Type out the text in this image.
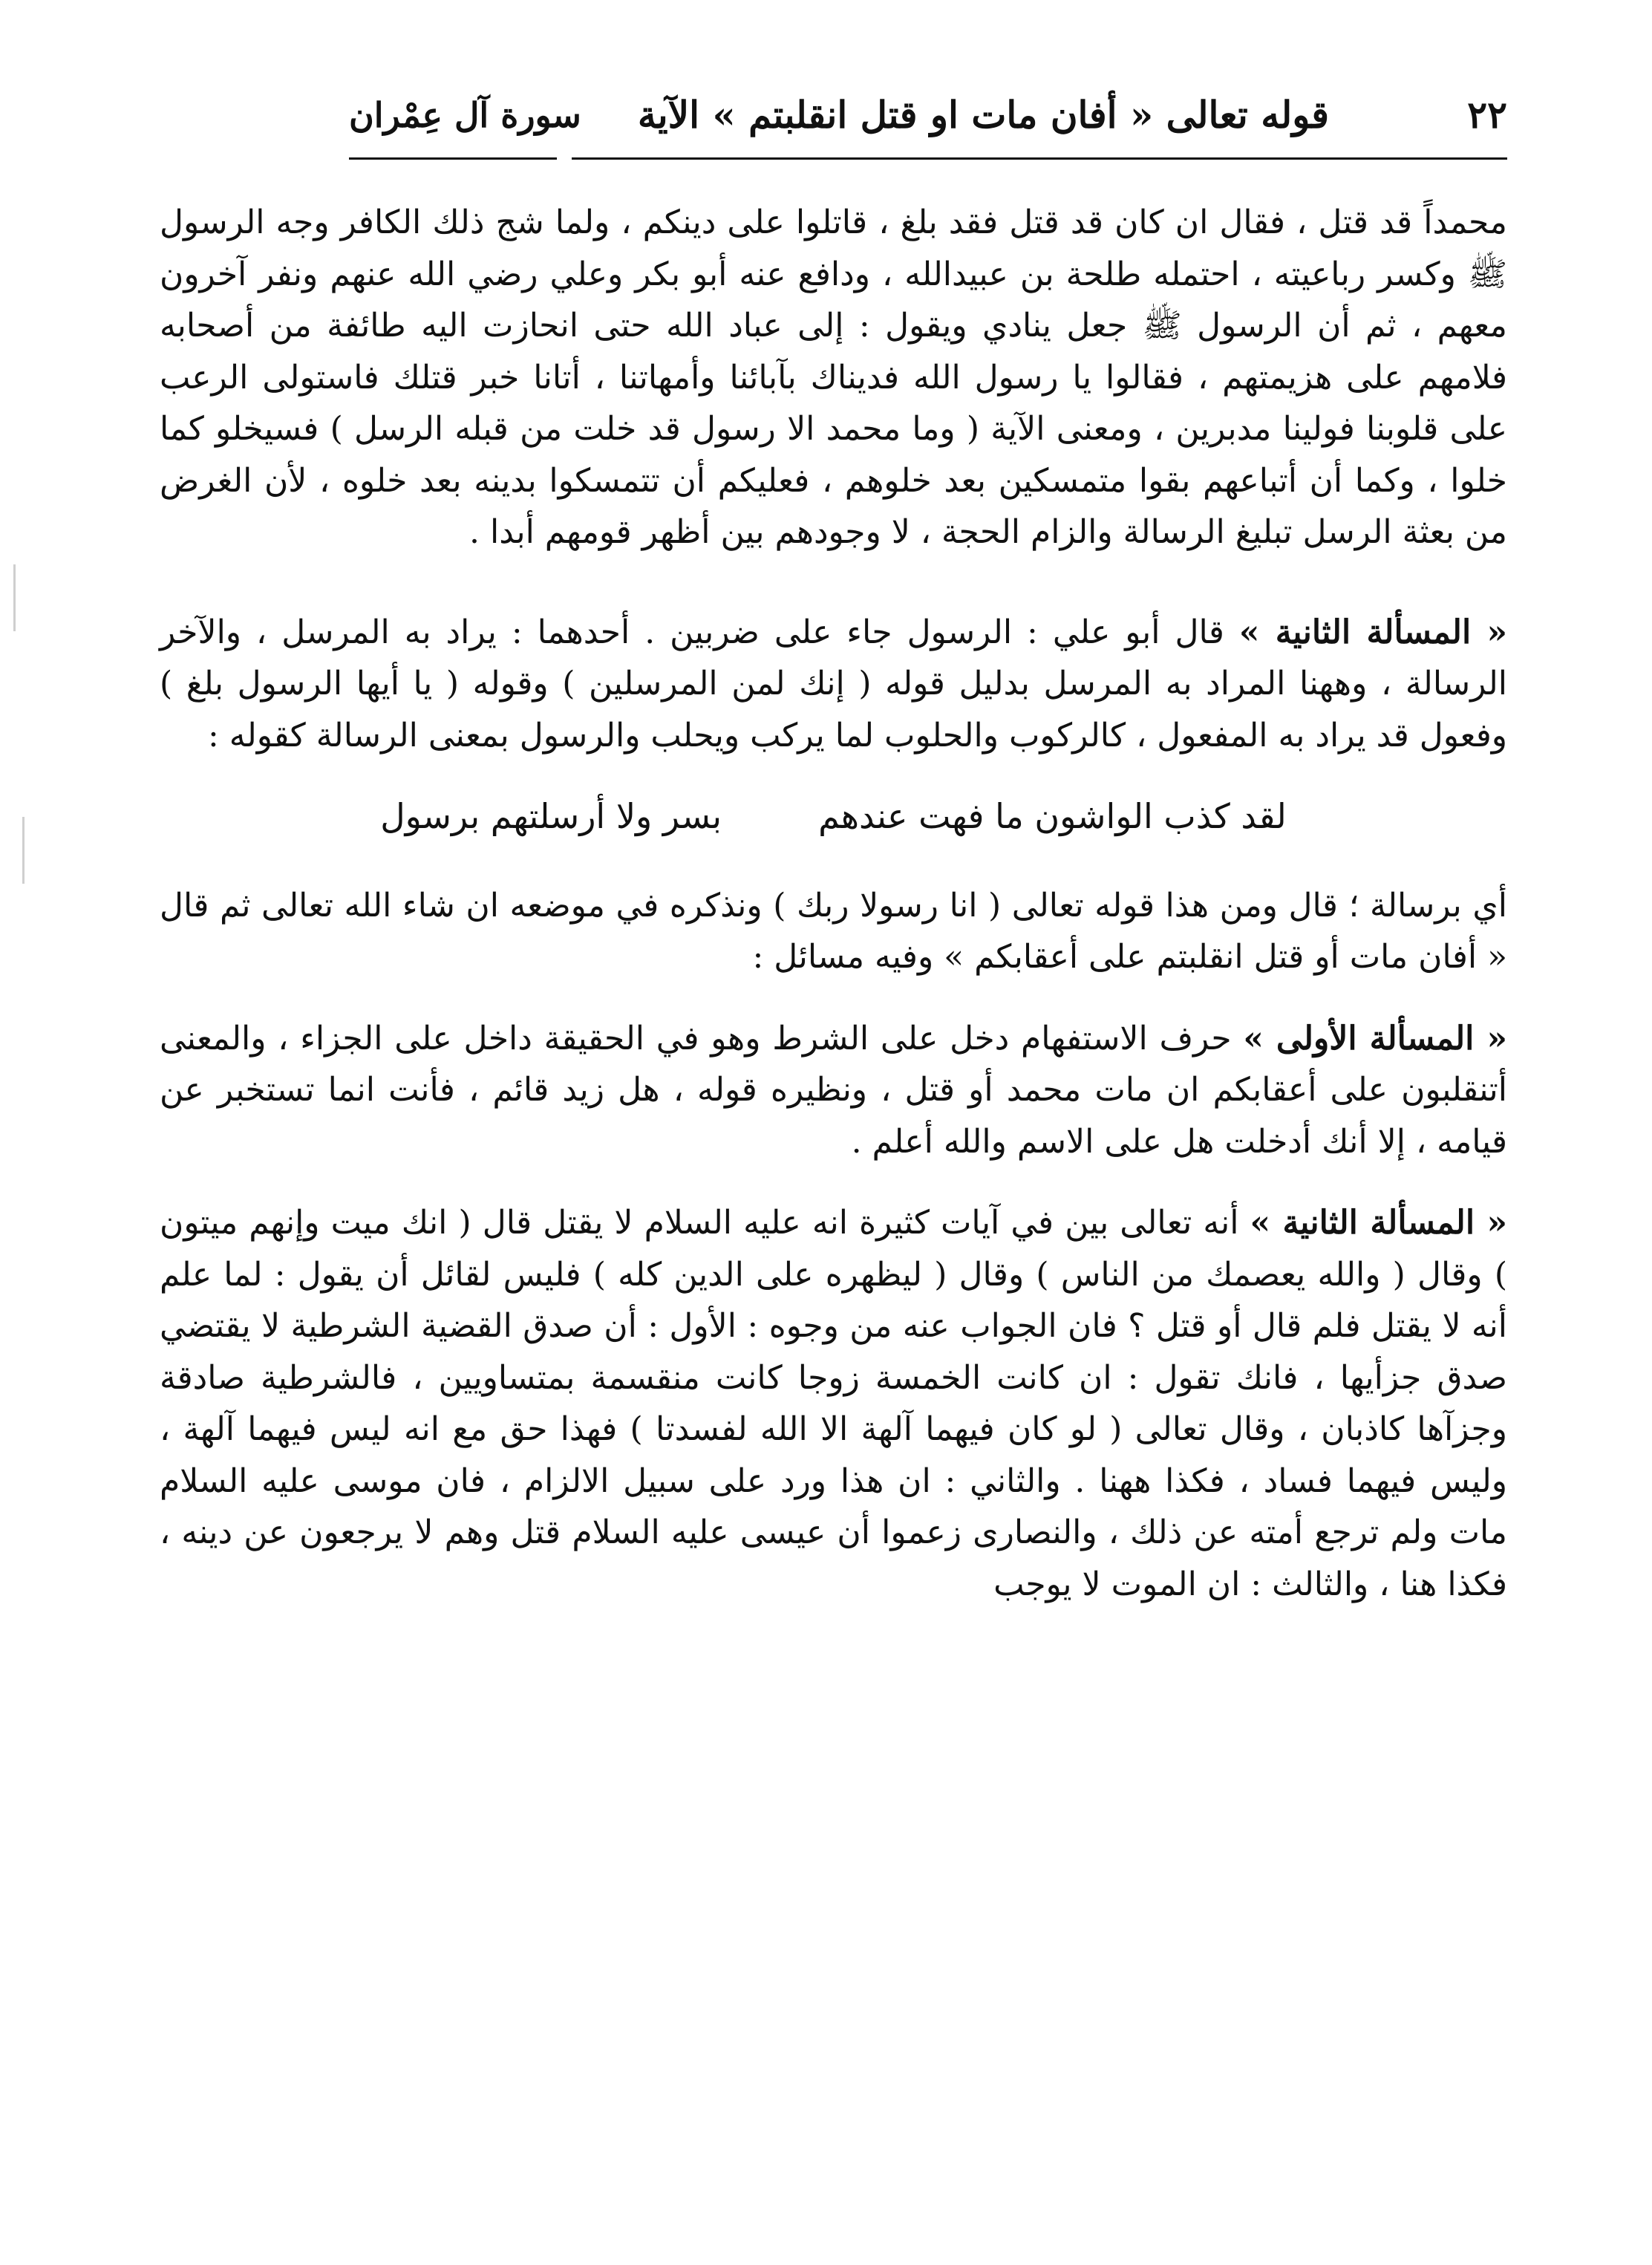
٢٢
قوله تعالى « أفان مات او قتل انقلبتم » الآية
سورة آل عِمْران

محمداً قد قتل ، فقال ان كان قد قتل فقد بلغ ، قاتلوا على دينكم ، ولما شج ذلك الكافر وجه الرسول ﷺ وكسر رباعيته ، احتمله طلحة بن عبيدالله ، ودافع عنه أبو بكر وعلي رضي الله عنهم ونفر آخرون معهم ، ثم أن الرسول ﷺ جعل ينادي ويقول : إلى عباد الله حتى انحازت اليه طائفة من أصحابه فلامهم على هزيمتهم ، فقالوا يا رسول الله فديناك بآبائنا وأمهاتنا ، أتانا خبر قتلك فاستولى الرعب على قلوبنا فولينا مدبرين ، ومعنى الآية ( وما محمد الا رسول قد خلت من قبله الرسل ) فسيخلو كما خلوا ، وكما أن أتباعهم بقوا متمسكين بعد خلوهم ، فعليكم أن تتمسكوا بدينه بعد خلوه ، لأن الغرض من بعثة الرسل تبليغ الرسالة والزام الحجة ، لا وجودهم بين أظهر قومهم أبدا .

« المسألة الثانية » قال أبو علي : الرسول جاء على ضربين . أحدهما : يراد به المرسل ، والآخر الرسالة ، وههنا المراد به المرسل بدليل قوله ( إنك لمن المرسلين ) وقوله ( يا أيها الرسول بلغ ) وفعول قد يراد به المفعول ، كالركوب والحلوب لما يركب ويحلب والرسول بمعنى الرسالة كقوله :

لقد كذب الواشون ما فهت عندهم
بسر ولا أرسلتهم برسول

أي برسالة ؛ قال ومن هذا قوله تعالى ( انا رسولا ربك ) ونذكره في موضعه ان شاء الله تعالى ثم قال « أفان مات أو قتل انقلبتم على أعقابكم » وفيه مسائل :

« المسألة الأولى » حرف الاستفهام دخل على الشرط وهو في الحقيقة داخل على الجزاء ، والمعنى أتنقلبون على أعقابكم ان مات محمد أو قتل ، ونظيره قوله ، هل زيد قائم ، فأنت انما تستخبر عن قيامه ، إلا أنك أدخلت هل على الاسم والله أعلم .

« المسألة الثانية » أنه تعالى بين في آيات كثيرة انه عليه السلام لا يقتل قال ( انك ميت وإنهم ميتون ) وقال ( والله يعصمك من الناس ) وقال ( ليظهره على الدين كله ) فليس لقائل أن يقول : لما علم أنه لا يقتل فلم قال أو قتل ؟ فان الجواب عنه من وجوه : الأول : أن صدق القضية الشرطية لا يقتضي صدق جزأيها ، فانك تقول : ان كانت الخمسة زوجا كانت منقسمة بمتساويين ، فالشرطية صادقة وجزآها كاذبان ، وقال تعالى ( لو كان فيهما آلهة الا الله لفسدتا ) فهذا حق مع انه ليس فيهما آلهة ، وليس فيهما فساد ، فكذا ههنا . والثاني : ان هذا ورد على سبيل الالزام ، فان موسى عليه السلام مات ولم ترجع أمته عن ذلك ، والنصارى زعموا أن عيسى عليه السلام قتل وهم لا يرجعون عن دينه ، فكذا هنا ، والثالث : ان الموت لا يوجب
